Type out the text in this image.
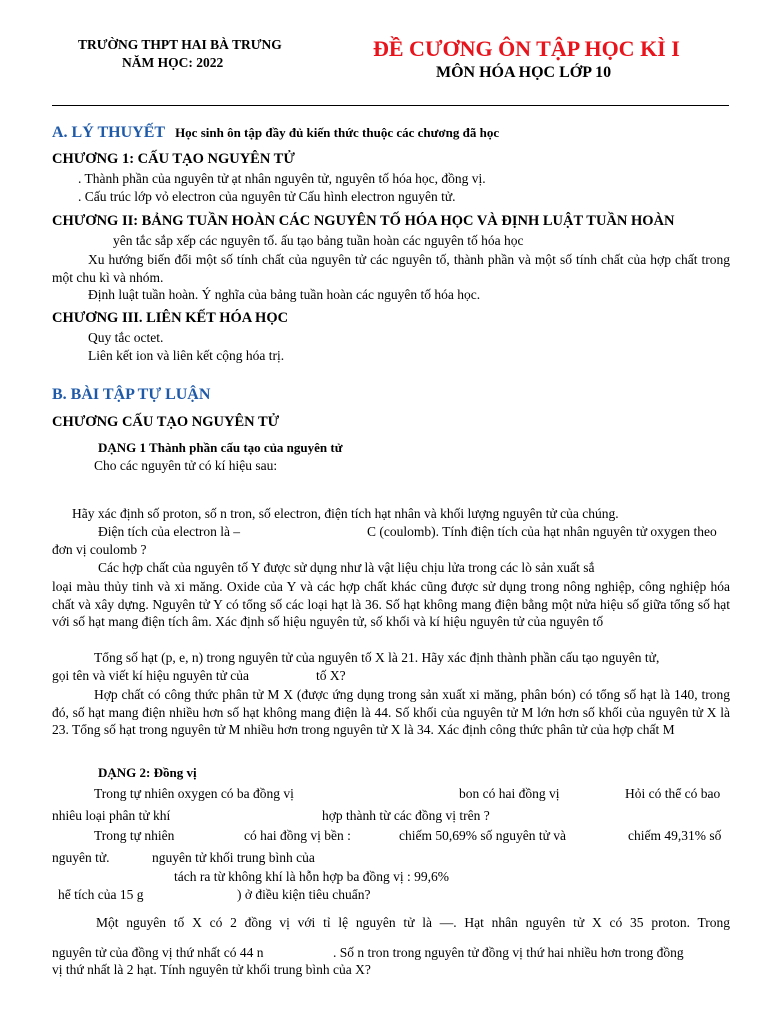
TRƯỜNG THPT HAI BÀ TRƯNG
NĂM HỌC: 2022
ĐỀ CƯƠNG ÔN TẬP HỌC KÌ I
MÔN HÓA HỌC LỚP 10
A. LÝ THUYẾT Học sinh ôn tập đầy đủ kiến thức thuộc các chương đã học
CHƯƠNG 1: CẤU TẠO NGUYÊN TỬ
. Thành phần của nguyên tử ạt nhân nguyên tử, nguyên tố hóa học, đồng vị.
. Cấu trúc lớp vỏ electron của nguyên tử Cấu hình electron nguyên tử.
CHƯƠNG II: BẢNG TUẦN HOÀN CÁC NGUYÊN TỐ HÓA HỌC VÀ ĐỊNH LUẬT TUẦN HOÀN
yên tắc sắp xếp các nguyên tố. ấu tạo bảng tuần hoàn các nguyên tố hóa học
Xu hướng biến đổi một số tính chất của nguyên tử các nguyên tố, thành phần và một số tính chất của hợp chất trong một chu kì và nhóm.
Định luật tuần hoàn. Ý nghĩa của bảng tuần hoàn các nguyên tố hóa học.
CHƯƠNG III. LIÊN KẾT HÓA HỌC
Quy tắc octet.
Liên kết ion và liên kết cộng hóa trị.
B. BÀI TẬP TỰ LUẬN
CHƯƠNG CẤU TẠO NGUYÊN TỬ
DẠNG 1 Thành phần cấu tạo của nguyên tử
Cho các nguyên tử có kí hiệu sau:
Hãy xác định số proton, số n tron, số electron, điện tích hạt nhân và khối lượng nguyên tử của chúng.
Điện tích của electron là –	C (coulomb). Tính điện tích của hạt nhân nguyên tử oxygen theo
đơn vị coulomb ?
Các hợp chất của nguyên tố Y được sử dụng như là vật liệu chịu lửa trong các lò sản xuất sắ
loại màu thủy tinh và xi măng. Oxide của Y và các hợp chất khác cũng được sử dụng trong nông nghiệp, công nghiệp hóa chất và xây dựng. Nguyên tử Y có tổng số các loại hạt là 36. Số hạt không mang điện bằng một nửa hiệu số giữa tổng số hạt với số hạt mang điện tích âm. Xác định số hiệu nguyên tử, số khối và kí hiệu nguyên tử của nguyên tố
Tổng số hạt (p, e, n) trong nguyên tử của nguyên tố X là 21. Hãy xác định thành phần cấu tạo nguyên tử,
gọi tên và viết kí hiệu nguyên tử của	tố X?
Hợp chất có công thức phân tử M X (được ứng dụng trong sản xuất xi măng, phân bón) có tổng số hạt là 140, trong đó, số hạt mang điện nhiều hơn số hạt không mang điện là 44. Số khối của nguyên tử M lớn hơn số khối của nguyên tử X là 23. Tổng số hạt trong nguyên tử M nhiều hơn trong nguyên tử X là 34. Xác định công thức phân tử của hợp chất M
DẠNG 2: Đồng vị
Trong tự nhiên oxygen có ba đồng vị	bon có hai đồng vị	Hỏi có thể có bao
nhiêu loại phân tử khí	hợp thành từ các đồng vị trên ?
Trong tự nhiên	có hai đồng vị bền :	chiếm 50,69% số nguyên tử và	chiếm 49,31% số
nguyên tử.	nguyên tử khối trung bình của
tách ra từ không khí là hỗn hợp ba đồng vị : 99,6%
hể tích của 15 g	) ở điều kiện tiêu chuẩn?
Một nguyên tố X có 2 đồng vị với tỉ lệ nguyên tử là —. Hạt nhân nguyên tử X có 35 proton. Trong
nguyên tử của đồng vị thứ nhất có 44 n	. Số n tron trong nguyên tử đồng vị thứ hai nhiều hơn trong đồng
vị thứ nhất là 2 hạt. Tính nguyên tử khối trung bình của X?
